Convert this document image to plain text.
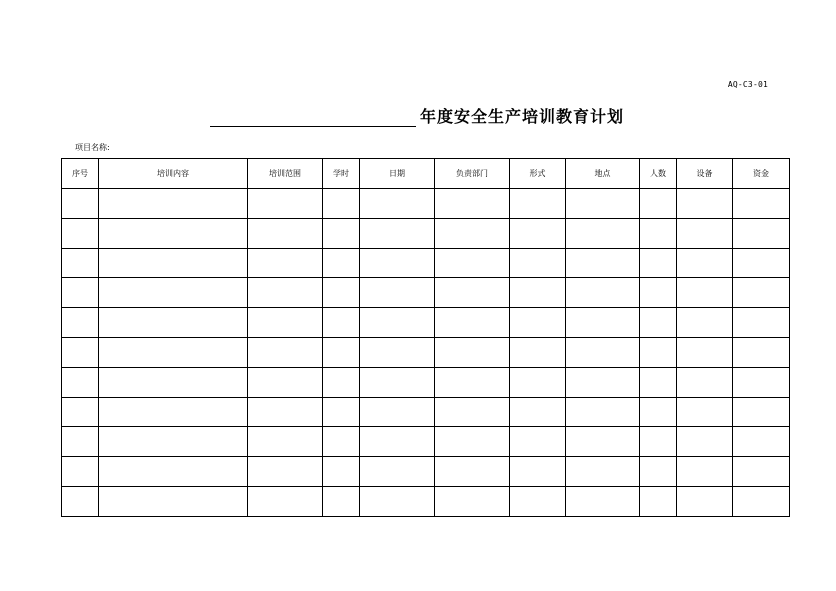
AQ-C3-01
年度安全生产培训教育计划
项目名称:
序号	培训内容	培训范围	学时	日期	负责部门	形式	地点	人数	设备	资金
